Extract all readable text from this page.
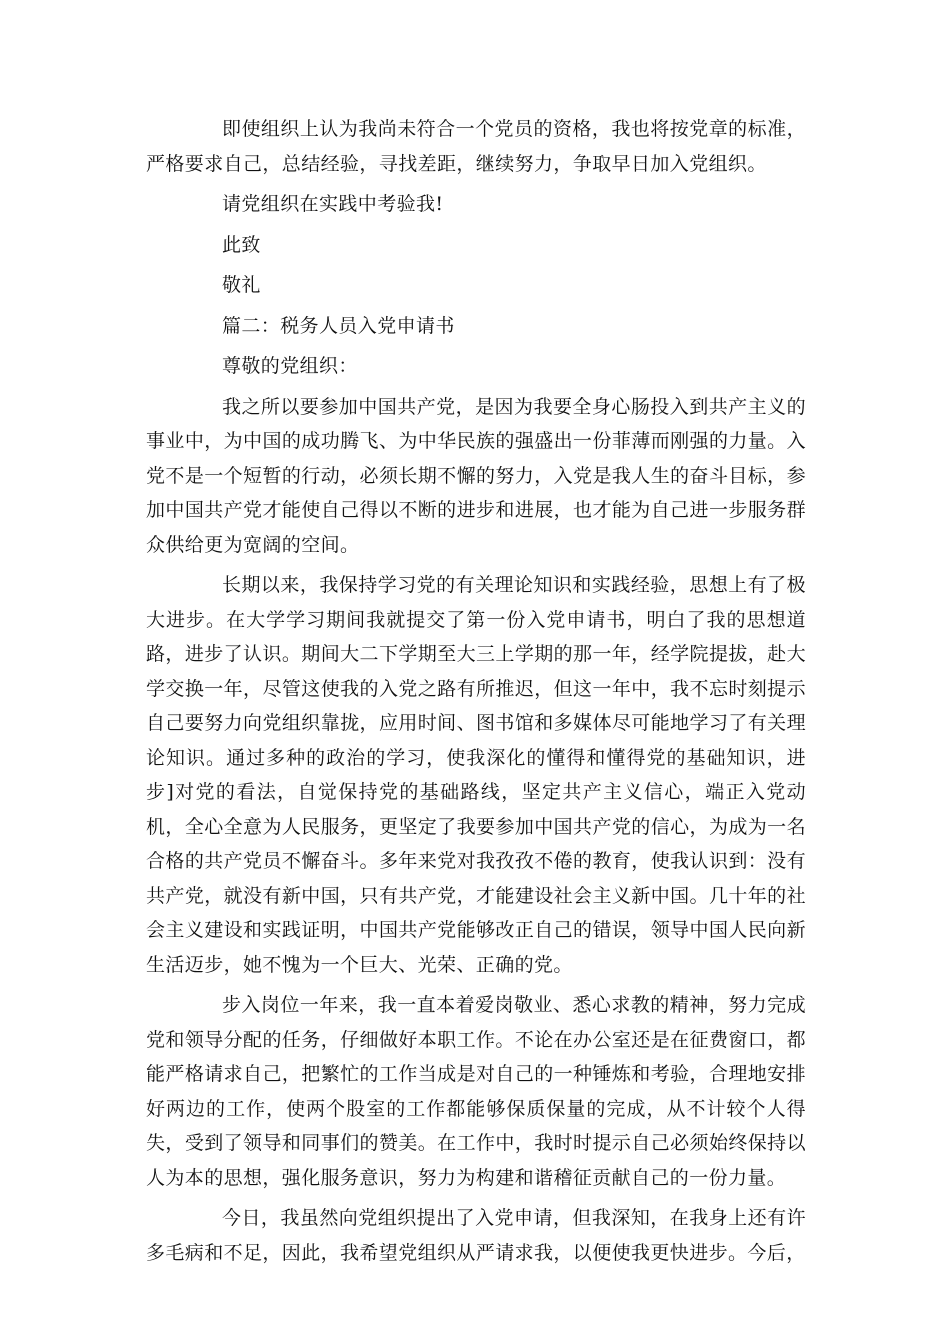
即使组织上认为我尚未符合一个党员的资格，我也将按党章的标准，严格要求自己，总结经验，寻找差距，继续努力，争取早日加入党组织。

请党组织在实践中考验我!

此致

敬礼

篇二：税务人员入党申请书

尊敬的党组织：

我之所以要参加中国共产党，是因为我要全身心肠投入到共产主义的事业中，为中国的成功腾飞、为中华民族的强盛出一份菲薄而刚强的力量。入党不是一个短暂的行动，必须长期不懈的努力，入党是我人生的奋斗目标，参加中国共产党才能使自己得以不断的进步和进展，也才能为自己进一步服务群众供给更为宽阔的空间。

长期以来，我保持学习党的有关理论知识和实践经验，思想上有了极大进步。在大学学习期间我就提交了第一份入党申请书，明白了我的思想道路，进步了认识。期间大二下学期至大三上学期的那一年，经学院提拔，赴大学交换一年，尽管这使我的入党之路有所推迟，但这一年中，我不忘时刻提示自己要努力向党组织靠拢，应用时间、图书馆和多媒体尽可能地学习了有关理论知识。通过多种的政治的学习，使我深化的懂得和懂得党的基础知识，进步]对党的看法，自觉保持党的基础路线，坚定共产主义信心，端正入党动机，全心全意为人民服务，更坚定了我要参加中国共产党的信心，为成为一名合格的共产党员不懈奋斗。多年来党对我孜孜不倦的教育，使我认识到：没有共产党，就没有新中国，只有共产党，才能建设社会主义新中国。几十年的社会主义建设和实践证明，中国共产党能够改正自己的错误，领导中国人民向新生活迈步，她不愧为一个巨大、光荣、正确的党。

步入岗位一年来，我一直本着爱岗敬业、悉心求教的精神，努力完成党和领导分配的任务，仔细做好本职工作。不论在办公室还是在征费窗口，都能严格请求自己，把繁忙的工作当成是对自己的一种锤炼和考验，合理地安排好两边的工作，使两个股室的工作都能够保质保量的完成，从不计较个人得失，受到了领导和同事们的赞美。在工作中，我时时提示自己必须始终保持以人为本的思想，强化服务意识，努力为构建和谐稽征贡献自己的一份力量。

今日，我虽然向党组织提出了入党申请，但我深知，在我身上还有许多毛病和不足，因此，我希望党组织从严请求我，以便使我更快进步。今后，
